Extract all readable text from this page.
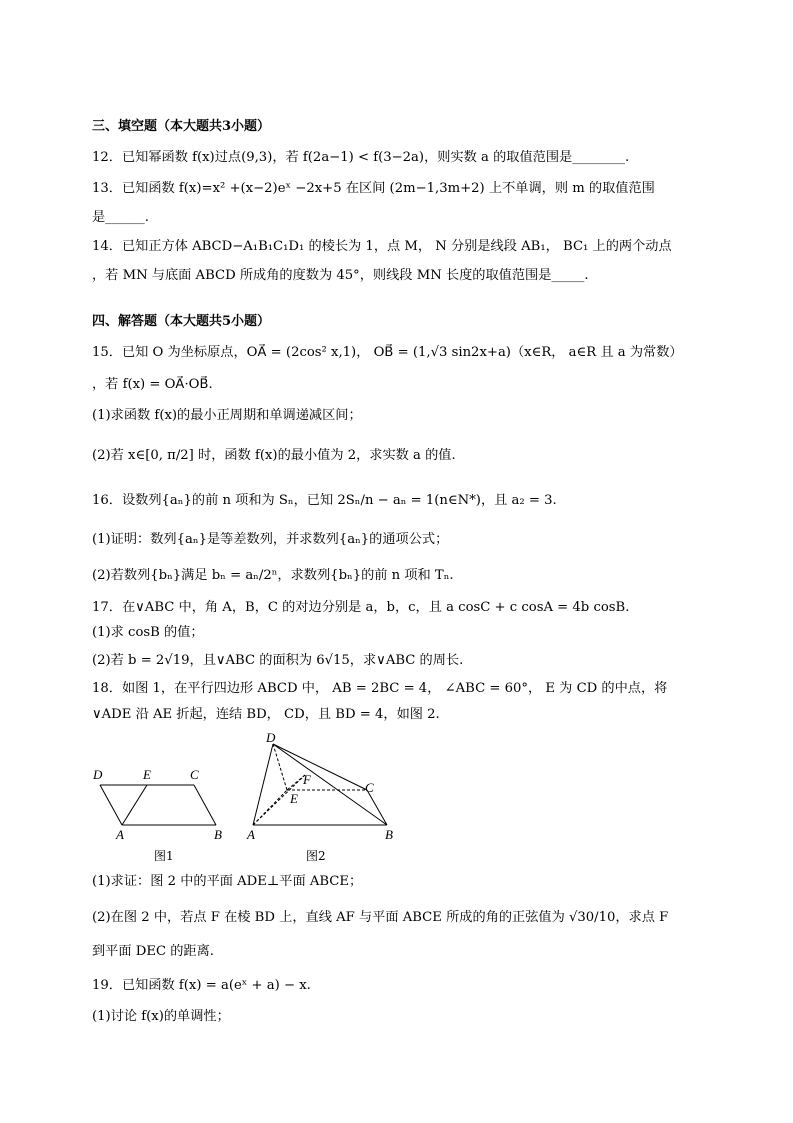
三、填空题（本大题共3小题）
12．已知幂函数 f(x)过点(9,3)，若 f(2a−1) < f(3−2a)，则实数 a 的取值范围是________.
13．已知函数 f(x)=x² +(x−2)eˣ −2x+5 在区间 (2m−1,3m+2) 上不单调，则 m 的取值范围
是______.
14．已知正方体 ABCD−A₁B₁C₁D₁ 的棱长为 1，点 M， N 分别是线段 AB₁， BC₁ 上的两个动点
，若 MN 与底面 ABCD 所成角的度数为 45°，则线段 MN 长度的取值范围是_____.
四、解答题（本大题共5小题）
15．已知 O 为坐标原点，OA⃗ = (2cos² x,1)， OB⃗ = (1,√3 sin2x+a)（x∈R， a∈R 且 a 为常数）
，若 f(x) = OA⃗·OB⃗.
(1)求函数 f(x)的最小正周期和单调递减区间；
(2)若 x∈[0, π/2] 时，函数 f(x)的最小值为 2，求实数 a 的值.
16．设数列{aₙ}的前 n 项和为 Sₙ，已知 2Sₙ/n − aₙ = 1(n∈N*)，且 a₂ = 3.
(1)证明：数列{aₙ}是等差数列，并求数列{aₙ}的通项公式；
(2)若数列{bₙ}满足 bₙ = aₙ/2ⁿ，求数列{bₙ}的前 n 项和 Tₙ.
17．在∨ABC 中，角 A，B，C 的对边分别是 a，b，c，且 a cosC + c cosA = 4b cosB.
(1)求 cosB 的值；
(2)若 b = 2√19，且∨ABC 的面积为 6√15，求∨ABC 的周长.
18．如图 1，在平行四边形 ABCD 中， AB = 2BC = 4， ∠ABC = 60°， E 为 CD 的中点，将
∨ADE 沿 AE 折起，连结 BD， CD，且 BD = 4，如图 2.
D	E	C
A	B
图1
D
F
E
C
A	B
图2
(1)求证：图 2 中的平面 ADE⊥平面 ABCE；
(2)在图 2 中，若点 F 在棱 BD 上，直线 AF 与平面 ABCE 所成的角的正弦值为 √30/10，求点 F
到平面 DEC 的距离.
19．已知函数 f(x) = a(eˣ + a) − x.
(1)讨论 f(x)的单调性；
